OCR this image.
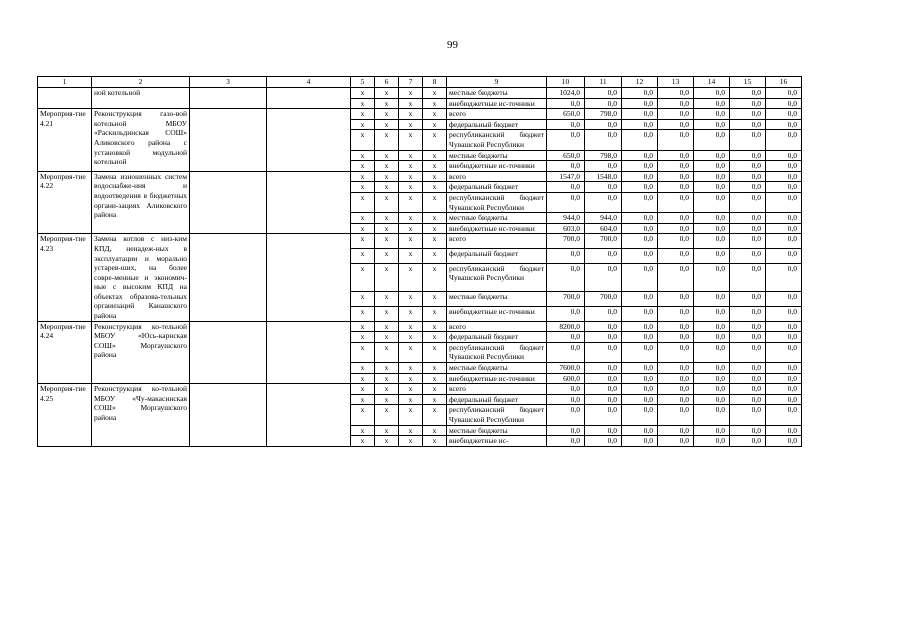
99
1	2	3	4	5	6	7	8	9	10	11	12	13	14	15	16
	ной котельной			х	х	х	х	местные бюджеты	1024,0	0,0	0,0	0,0	0,0	0,0	0,0
				х	х	х	х	внебюджетные ис-точники	0,0	0,0	0,0	0,0	0,0	0,0	0,0
Мероприя-тие 4.21	Реконструкция газо-вой котельной МБОУ «Раскильдинская СОШ» Аликовского района с установкой модульной котельной			х	х	х	х	всего	650,0	798,0	0,0	0,0	0,0	0,0	0,0
				х	х	х	х	федеральный бюджет	0,0	0,0	0,0	0,0	0,0	0,0	0,0
				х	х	х	х	республиканский бюджет Чувашской Республики	0,0	0,0	0,0	0,0	0,0	0,0	0,0
				х	х	х	х	местные бюджеты	650,0	798,0	0,0	0,0	0,0	0,0	0,0
				х	х	х	х	внебюджетные ис-точники	0,0	0,0	0,0	0,0	0,0	0,0	0,0
Мероприя-тие 4.22	Замена изношенных систем водоснабже-ния и водоотведения в бюджетных органи-зациях Аликовского района			х	х	х	х	всего	1547,0	1548,0	0,0	0,0	0,0	0,0	0,0
				х	х	х	х	федеральный бюджет	0,0	0,0	0,0	0,0	0,0	0,0	0,0
				х	х	х	х	республиканский бюджет Чувашской Республики	0,0	0,0	0,0	0,0	0,0	0,0	0,0
				х	х	х	х	местные бюджеты	944,0	944,0	0,0	0,0	0,0	0,0	0,0
				х	х	х	х	внебюджетные ис-точники	603,0	604,0	0,0	0,0	0,0	0,0	0,0
Мероприя-тие 4.23	Замена котлов с низ-ким КПД, ненадеж-ных в эксплуатации и морально устарев-ших, на более совре-менные и экономич-ные с высоким КПД на объектах образова-тельных организаций Канашского района			х	х	х	х	всего	700,0	700,0	0,0	0,0	0,0	0,0	0,0
				х	х	х	х	федеральный бюджет	0,0	0,0	0,0	0,0	0,0	0,0	0,0
				х	х	х	х	республиканский бюджет Чувашской Республики	0,0	0,0	0,0	0,0	0,0	0,0	0,0
				х	х	х	х	местные бюджеты	700,0	700,0	0,0	0,0	0,0	0,0	0,0
				х	х	х	х	внебюджетные ис-точники	0,0	0,0	0,0	0,0	0,0	0,0	0,0
Мероприя-тие 4.24	Реконструкция ко-тельной МБОУ «Юсь-карнская СОШ» Моргаушского района			х	х	х	х	всего	8200,0	0,0	0,0	0,0	0,0	0,0	0,0
				х	х	х	х	федеральный бюджет	0,0	0,0	0,0	0,0	0,0	0,0	0,0
				х	х	х	х	республиканский бюджет Чувашской Республики	0,0	0,0	0,0	0,0	0,0	0,0	0,0
				х	х	х	х	местные бюджеты	7600,0	0,0	0,0	0,0	0,0	0,0	0,0
				х	х	х	х	внебюджетные ис-точники	600,0	0,0	0,0	0,0	0,0	0,0	0,0
Мероприя-тие 4.25	Реконструкция ко-тельной МБОУ «Чу-макасинская СОШ» Моргаушского района			х	х	х	х	всего	0,0	0,0	0,0	0,0	0,0	0,0	0,0
				х	х	х	х	федеральный бюджет	0,0	0,0	0,0	0,0	0,0	0,0	0,0
				х	х	х	х	республиканский бюджет Чувашской Республики	0,0	0,0	0,0	0,0	0,0	0,0	0,0
				х	х	х	х	местные бюджеты	0,0	0,0	0,0	0,0	0,0	0,0	0,0
				х	х	х	х	внебюджетные ис-	0,0	0,0	0,0	0,0	0,0	0,0	0,0
